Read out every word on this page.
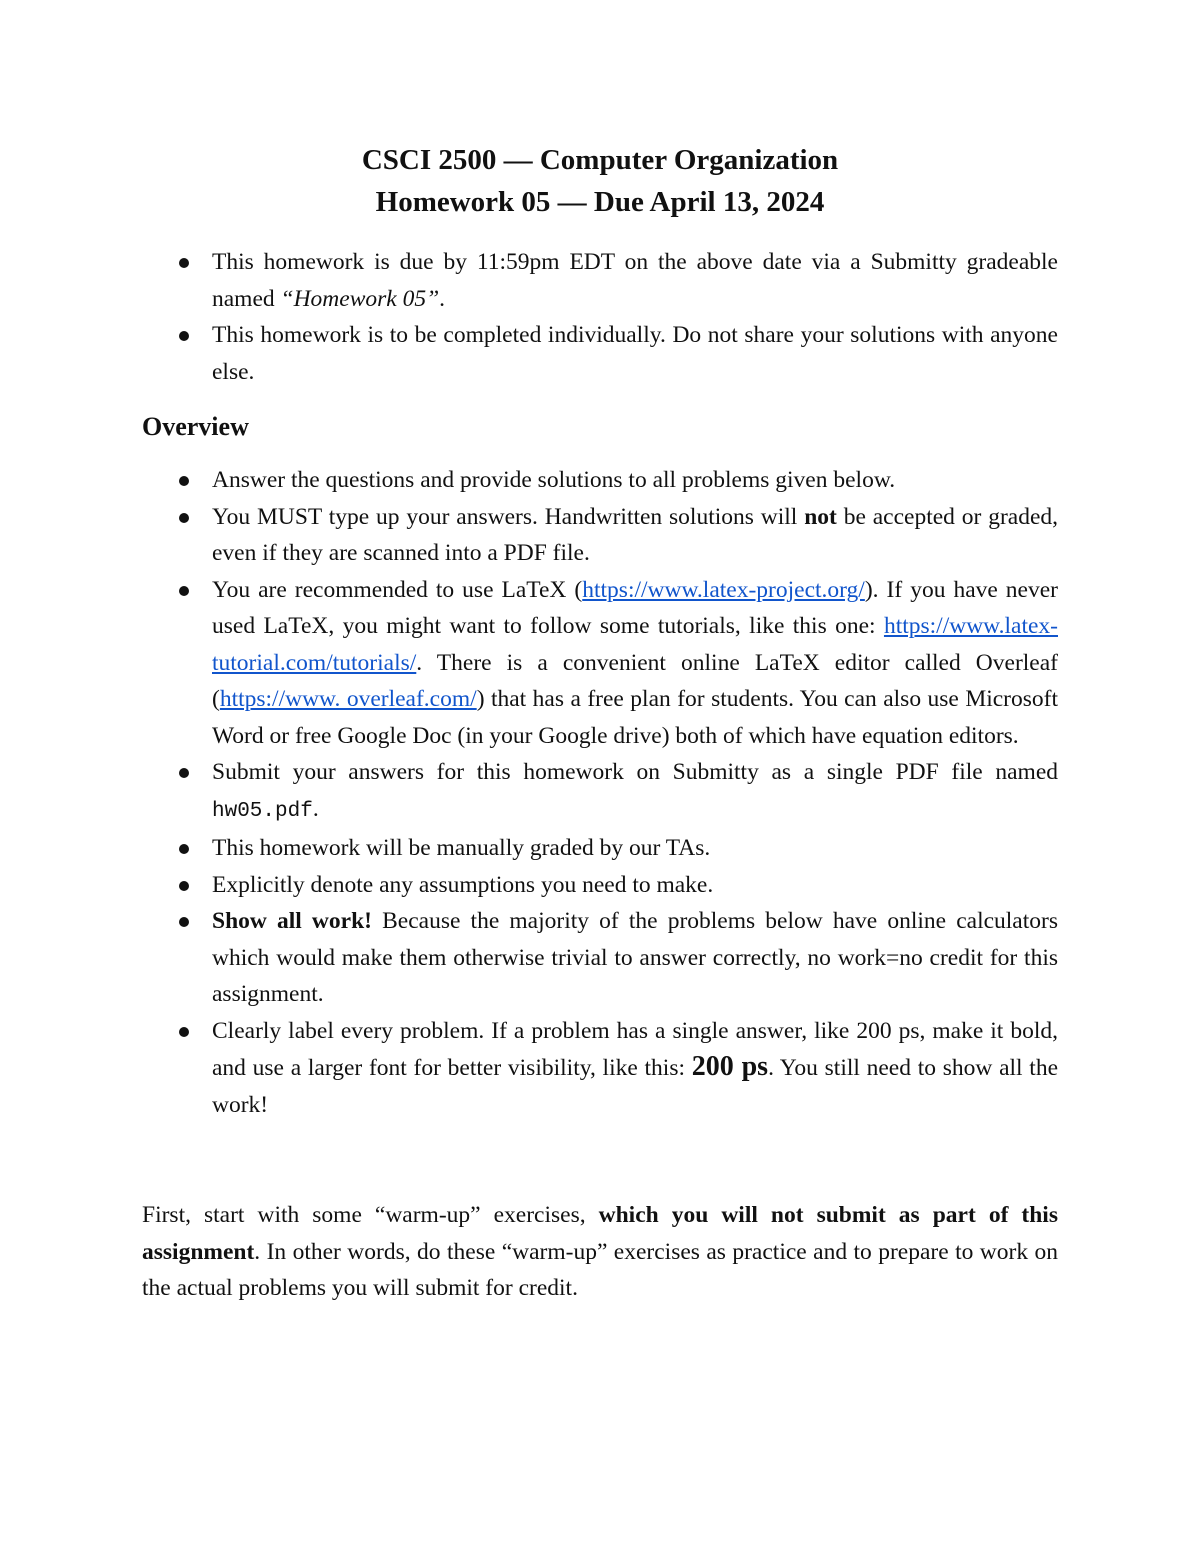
CSCI 2500 — Computer Organization
Homework 05 — Due April 13, 2024
This homework is due by 11:59pm EDT on the above date via a Submitty gradeable named “Homework 05”.
This homework is to be completed individually. Do not share your solutions with anyone else.
Overview
Answer the questions and provide solutions to all problems given below.
You MUST type up your answers. Handwritten solutions will not be accepted or graded, even if they are scanned into a PDF file.
You are recommended to use LaTeX (https://www.latex-project.org/). If you have never used LaTeX, you might want to follow some tutorials, like this one: https://www.latex-tutorial.com/tutorials/. There is a convenient online LaTeX editor called Overleaf (https://www. overleaf.com/) that has a free plan for students. You can also use Microsoft Word or free Google Doc (in your Google drive) both of which have equation editors.
Submit your answers for this homework on Submitty as a single PDF file named hw05.pdf.
This homework will be manually graded by our TAs.
Explicitly denote any assumptions you need to make.
Show all work! Because the majority of the problems below have online calculators which would make them otherwise trivial to answer correctly, no work=no credit for this assignment.
Clearly label every problem. If a problem has a single answer, like 200 ps, make it bold, and use a larger font for better visibility, like this: 200 ps. You still need to show all the work!

First, start with some “warm-up” exercises, which you will not submit as part of this assignment. In other words, do these “warm-up” exercises as practice and to prepare to work on the actual problems you will submit for credit.
